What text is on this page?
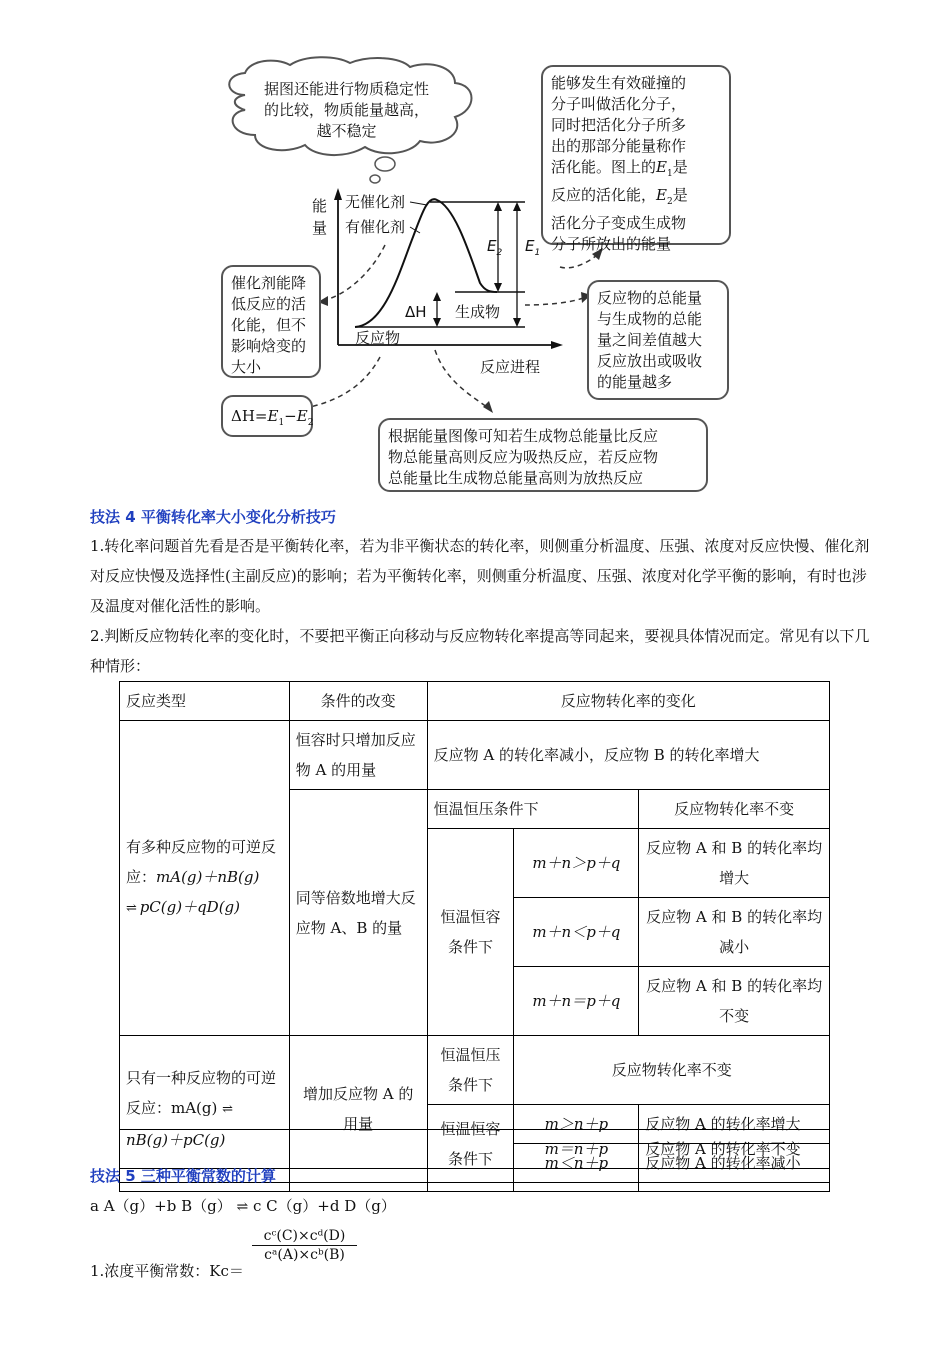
无催化剂
有催化剂
反应物
生成物
ΔH
反应进程
$E_2$ $E_1$
能
量
据图还能进行物质稳定性
的比较，物质能量越高，
越不稳定
能够发生有效碰撞的
分子叫做活化分子，
同时把活化分子所多
出的那部分能量称作
活化能。图上的$E_1$是
反应的活化能，$E_2$是
活化分子变成生成物
分子所放出的能量
催化剂能降
低反应的活
化能，但不
影响焓变的
大小
$\Delta H=E_1-E_2$
反应物的总能量
与生成物的总能
量之间差值越大
反应放出或吸收
的能量越多
根据能量图像可知若生成物总能量比反应
物总能量高则反应为吸热反应，若反应物
总能量比生成物总能量高则为放热反应
技法 4 平衡转化率大小变化分析技巧
1.转化率问题首先看是否是平衡转化率，若为非平衡状态的转化率，则侧重分析温度、压强、浓度对反应快慢、催化剂对反应快慢及选择性(主副反应)的影响；若为平衡转化率，则侧重分析温度、压强、浓度对化学平衡的影响，有时也涉及温度对催化活性的影响。
2.判断反应物转化率的变化时，不要把平衡正向移动与反应物转化率提高等同起来，要视具体情况而定。常见有以下几种情形：
反应类型	条件的改变	反应物转化率的变化		
有多种反应物的可逆反应：mA(g)＋nB(g)
⇌ pC(g)＋qD(g)	恒容时只增加反应物 A 的用量	反应物 A 的转化率减小，反应物 B 的转化率增大		
	同等倍数地增大反应物 A、B 的量	恒温恒压条件下		反应物转化率不变
		恒温恒容条件下	m＋n＞p＋q	反应物 A 和 B 的转化率均增大
			m＋n＜p＋q	反应物 A 和 B 的转化率均减小
			m＋n＝p＋q	反应物 A 和 B 的转化率均不变
只有一种反应物的可逆反应：mA(g) ⇌
nB(g)＋pC(g)	增加反应物 A 的用量	恒温恒压条件下	反应物转化率不变	
		恒温恒容条件下	m＞n＋p	反应物 A 的转化率增大
			m＜n＋p	反应物 A 的转化率减小

			m＝n＋p	反应物 A 的转化率不变
技法 5 三种平衡常数的计算
a A（g）+b B（g） ⇌ c C（g）+d D（g）
1.浓度平衡常数：Kc＝
cᶜ(C)×cᵈ(D)
cᵃ(A)×cᵇ(B)
